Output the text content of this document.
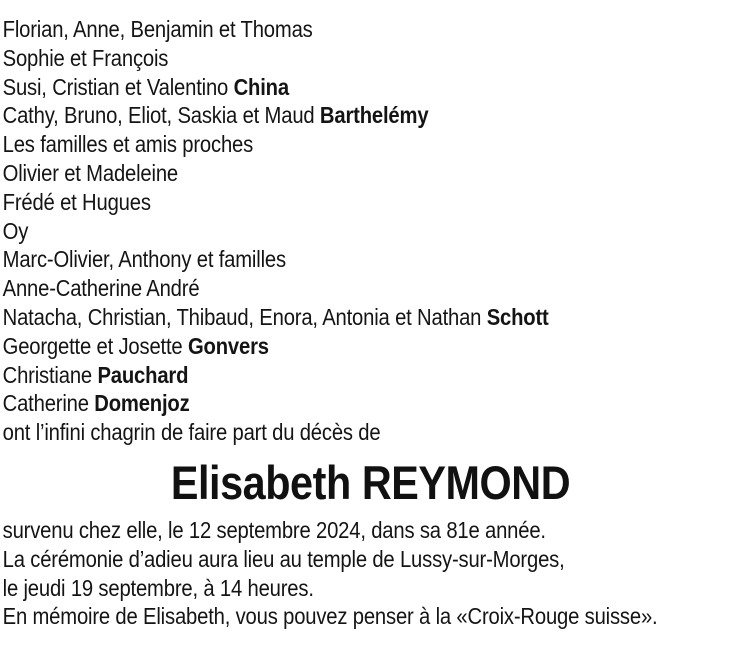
Florian, Anne, Benjamin et Thomas
Sophie et François
Susi, Cristian et Valentino China
Cathy, Bruno, Eliot, Saskia et Maud Barthelémy
Les familles et amis proches
Olivier et Madeleine
Frédé et Hugues
Oy
Marc-Olivier, Anthony et familles
Anne-Catherine André
Natacha, Christian, Thibaud, Enora, Antonia et Nathan Schott
Georgette et Josette Gonvers
Christiane Pauchard
Catherine Domenjoz
ont l’infini chagrin de faire part du décès de
Elisabeth REYMOND
survenu chez elle, le 12 septembre 2024, dans sa 81e année.
La cérémonie d’adieu aura lieu au temple de Lussy-sur-Morges,
le jeudi 19 septembre, à 14 heures.
En mémoire de Elisabeth, vous pouvez penser à la «Croix-Rouge suisse».
